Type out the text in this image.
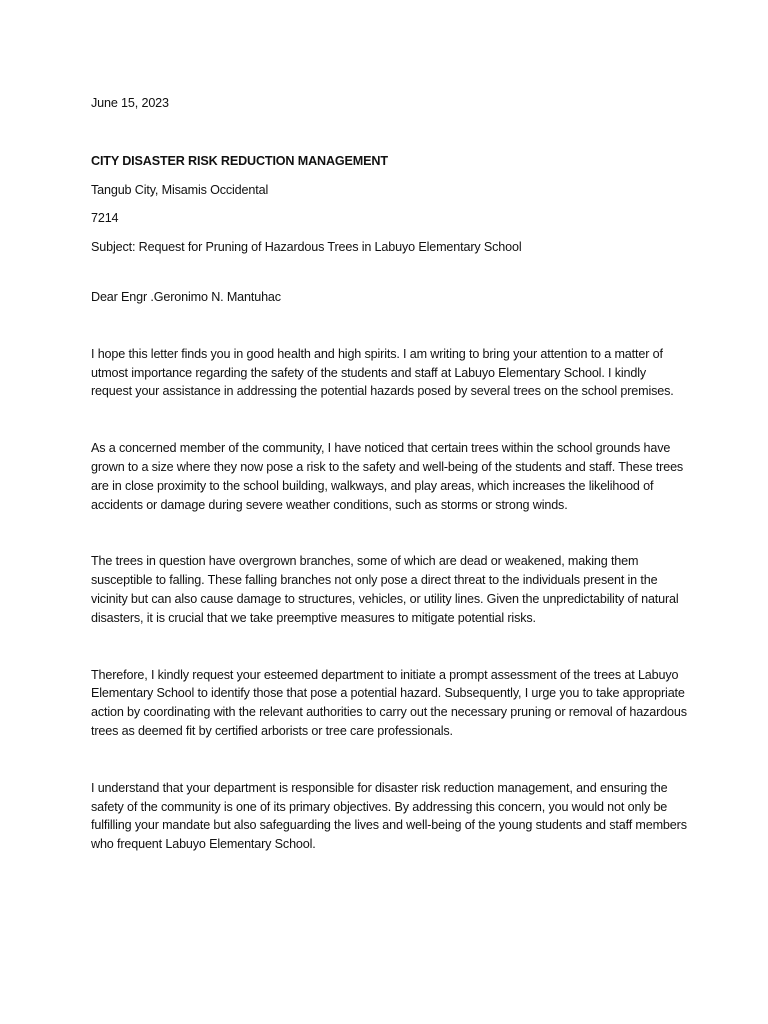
June 15, 2023

CITY DISASTER RISK REDUCTION MANAGEMENT

Tangub City, Misamis Occidental

7214

Subject: Request for Pruning of Hazardous Trees in Labuyo Elementary School

Dear Engr .Geronimo N. Mantuhac

I hope this letter finds you in good health and high spirits. I am writing to bring your attention to a matter of utmost importance regarding the safety of the students and staff at Labuyo Elementary School. I kindly request your assistance in addressing the potential hazards posed by several trees on the school premises.

As a concerned member of the community, I have noticed that certain trees within the school grounds have grown to a size where they now pose a risk to the safety and well-being of the students and staff. These trees are in close proximity to the school building, walkways, and play areas, which increases the likelihood of accidents or damage during severe weather conditions, such as storms or strong winds.

The trees in question have overgrown branches, some of which are dead or weakened, making them susceptible to falling. These falling branches not only pose a direct threat to the individuals present in the vicinity but can also cause damage to structures, vehicles, or utility lines. Given the unpredictability of natural disasters, it is crucial that we take preemptive measures to mitigate potential risks.

Therefore, I kindly request your esteemed department to initiate a prompt assessment of the trees at Labuyo Elementary School to identify those that pose a potential hazard. Subsequently, I urge you to take appropriate action by coordinating with the relevant authorities to carry out the necessary pruning or removal of hazardous trees as deemed fit by certified arborists or tree care professionals.

I understand that your department is responsible for disaster risk reduction management, and ensuring the safety of the community is one of its primary objectives. By addressing this concern, you would not only be fulfilling your mandate but also safeguarding the lives and well-being of the young students and staff members who frequent Labuyo Elementary School.
